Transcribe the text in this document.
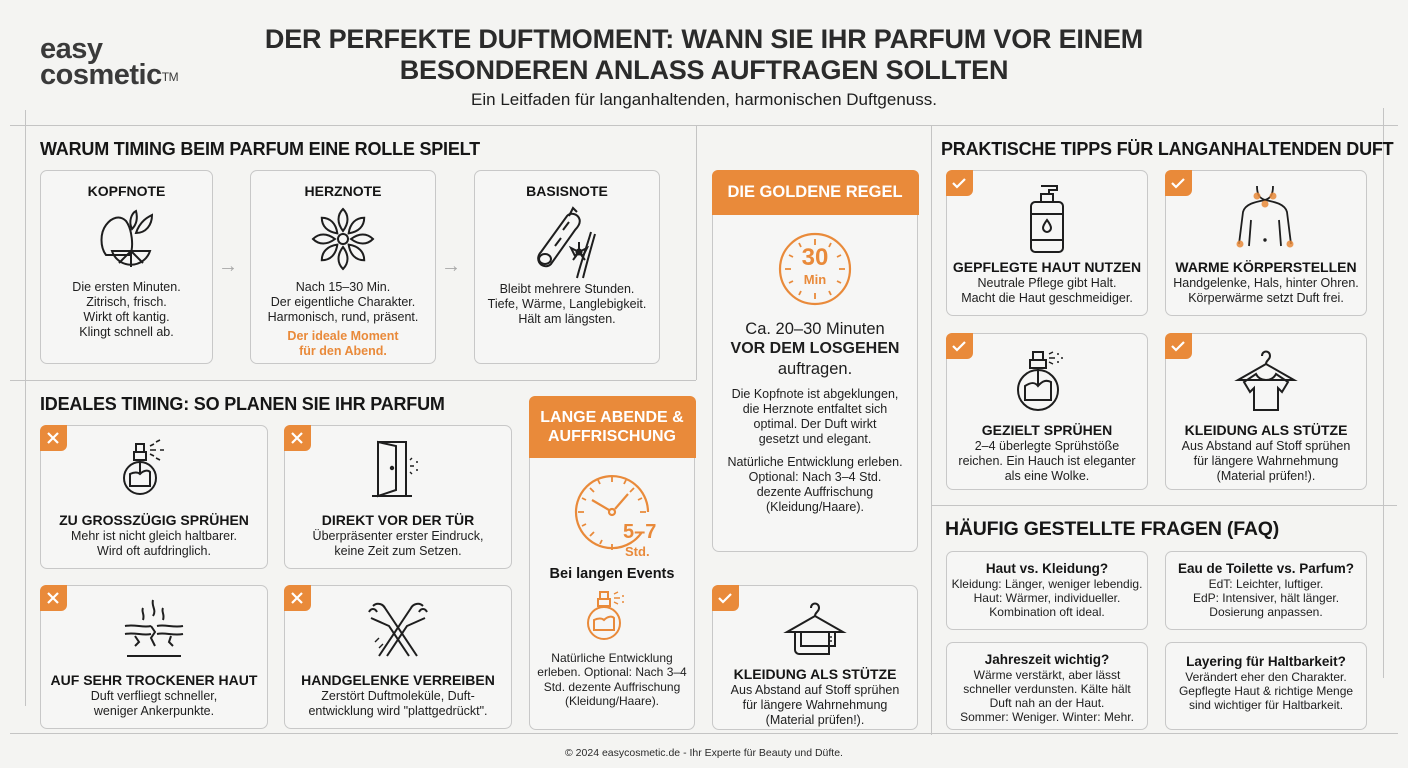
easy
cosmetic™
DER PERFEKTE DUFTMOMENT: WANN SIE IHR PARFUM VOR EINEM
BESONDEREN ANLASS AUFTRAGEN SOLLTEN
Ein Leitfaden für langanhaltenden, harmonischen Duftgenuss.
WARUM TIMING BEIM PARFUM EINE ROLLE SPIELT
KOPFNOTE
Die ersten Minuten.
Zitrisch, frisch.
Wirkt oft kantig.
Klingt schnell ab.
→
HERZNOTE
Nach 15–30 Min.
Der eigentliche Charakter.
Harmonisch, rund, präsent.
Der ideale Moment
für den Abend.
→
BASISNOTE
Bleibt mehrere Stunden.
Tiefe, Wärme, Langlebigkeit.
Hält am längsten.
IDEALES TIMING: SO PLANEN SIE IHR PARFUM
ZU GROSSZÜGIG SPRÜHEN
Mehr ist nicht gleich haltbarer.
Wird oft aufdringlich.
DIREKT VOR DER TÜR
Überpräsenter erster Eindruck,
keine Zeit zum Setzen.
AUF SEHR TROCKENER HAUT
Duft verfliegt schneller,
weniger Ankerpunkte.
HANDGELENKE VERREIBEN
Zerstört Duftmoleküle, Duft-
entwicklung wird "plattgedrückt".
LANGE ABENDE &
AUFFRISCHUNG
5–7
Std.
Bei langen Events
Natürliche Entwicklung
erleben. Optional: Nach 3–4
Std. dezente Auffrischung
(Kleidung/Haare).
DIE GOLDENE REGEL
30
Min
Ca. 20–30 Minuten
VOR DEM LOSGEHEN
auftragen.
Die Kopfnote ist abgeklungen,
die Herznote entfaltet sich
optimal. Der Duft wirkt
gesetzt und elegant.
Natürliche Entwicklung erleben.
Optional: Nach 3–4 Std.
dezente Auffrischung
(Kleidung/Haare).
KLEIDUNG ALS STÜTZE
Aus Abstand auf Stoff sprühen
für längere Wahrnehmung
(Material prüfen!).
PRAKTISCHE TIPPS FÜR LANGANHALTENDEN DUFT
GEPFLEGTE HAUT NUTZEN
Neutrale Pflege gibt Halt.
Macht die Haut geschmeidiger.
WARME KÖRPERSTELLEN
Handgelenke, Hals, hinter Ohren.
Körperwärme setzt Duft frei.
GEZIELT SPRÜHEN
2–4 überlegte Sprühstöße
reichen. Ein Hauch ist eleganter
als eine Wolke.
KLEIDUNG ALS STÜTZE
Aus Abstand auf Stoff sprühen
für längere Wahrnehmung
(Material prüfen!).
HÄUFIG GESTELLTE FRAGEN (FAQ)
Haut vs. Kleidung?
Kleidung: Länger, weniger lebendig.
Haut: Wärmer, individueller.
Kombination oft ideal.
Eau de Toilette vs. Parfum?
EdT: Leichter, luftiger.
EdP: Intensiver, hält länger.
Dosierung anpassen.
Jahreszeit wichtig?
Wärme verstärkt, aber lässt
schneller verdunsten. Kälte hält
Duft nah an der Haut.
Sommer: Weniger. Winter: Mehr.
Layering für Haltbarkeit?
Verändert eher den Charakter.
Gepflegte Haut & richtige Menge
sind wichtiger für Haltbarkeit.
© 2024 easycosmetic.de - Ihr Experte für Beauty und Düfte.
